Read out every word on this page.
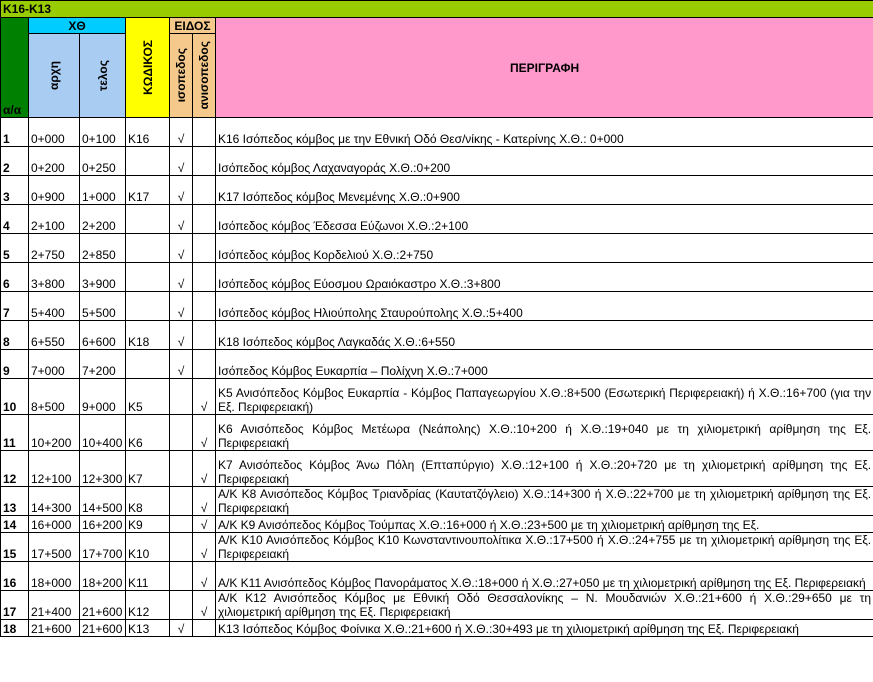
Κ16-Κ13						
α/α	ΧΘ		ΚΩΔΙΚΟΣ	ΕΙΔΟΣ		ΠΕΡΙΓΡΑΦΗ

	αρχη	τελος		ισοπεδος	ανισοπεδος	

1	0+000	0+100	Κ16	√		Κ16 Ισόπεδος κόμβος με την Εθνική Οδό Θεσ/νίκης - Κατερίνης Χ.Θ.: 0+000
2	0+200	0+250		√		Ισόπεδος κόμβος Λαχαναγοράς Χ.Θ.:0+200
3	0+900	1+000	Κ17	√		Κ17 Ισόπεδος κόμβος Μενεμένης Χ.Θ.:0+900
4	2+100	2+200		√		Ισόπεδος κόμβος Έδεσσα Εύζωνοι Χ.Θ.:2+100
5	2+750	2+850		√		Ισόπεδος κόμβος Κορδελιού Χ.Θ.:2+750
6	3+800	3+900		√		Ισόπεδος κόμβος Εύοσμου Ωραιόκαστρο Χ.Θ.:3+800
7	5+400	5+500		√		Ισόπεδος κόμβος Ηλιούπολης Σταυρούπολης Χ.Θ.:5+400
8	6+550	6+600	Κ18	√		Κ18 Ισόπεδος κόμβος Λαγκαδάς Χ.Θ.:6+550
9	7+000	7+200		√		Ισόπεδος Κόμβος Ευκαρπία – Πολίχνη Χ.Θ.:7+000
10	8+500	9+000	Κ5		√	Κ5 Ανισόπεδος Κόμβος Ευκαρπία - Κόμβος Παπαγεωργίου Χ.Θ.:8+500 (Εσωτερική Περιφερειακή) ή Χ.Θ.:16+700 (για την Εξ. Περιφερειακή)
11	10+200	10+400	Κ6		√	Κ6 Ανισόπεδος Κόμβος Μετέωρα (Νεάπολης) Χ.Θ.:10+200 ή Χ.Θ.:19+040 με τη χιλιομετρική αρίθμηση της Εξ. Περιφερειακή
12	12+100	12+300	Κ7		√	Κ7 Ανισόπεδος Κόμβος Άνω Πόλη (Επταπύργιο) Χ.Θ.:12+100 ή Χ.Θ.:20+720 με τη χιλιομετρική αρίθμηση της Εξ. Περιφερειακή
13	14+300	14+500	Κ8		√	Α/Κ Κ8 Ανισόπεδος Κόμβος Τριανδρίας (Καυτατζόγλειο) Χ.Θ.:14+300 ή Χ.Θ.:22+700 με τη χιλιομετρική αρίθμηση της Εξ. Περιφερειακή
14	16+000	16+200	Κ9		√	Α/Κ Κ9 Ανισόπεδος Κόμβος Τούμπας Χ.Θ.:16+000 ή Χ.Θ.:23+500 με τη χιλιομετρική αρίθμηση της Εξ.
15	17+500	17+700	Κ10		√	Α/Κ Κ10 Ανισόπεδος Κόμβος Κ10 Κωνσταντινουπολίτικα Χ.Θ.:17+500 ή Χ.Θ.:24+755 με τη χιλιομετρική αρίθμηση της Εξ. Περιφερειακή
16	18+000	18+200	Κ11		√	Α/Κ Κ11 Ανισόπεδος Κόμβος Πανοράματος Χ.Θ.:18+000 ή Χ.Θ.:27+050 με τη χιλιομετρική αρίθμηση της Εξ. Περιφερειακή
17	21+400	21+600	Κ12		√	Α/Κ Κ12 Ανισόπεδος Κόμβος με Εθνική Οδό Θεσσαλονίκης – Ν. Μουδανιών Χ.Θ.:21+600 ή Χ.Θ.:29+650 με τη χιλιομετρική αρίθμηση της Εξ. Περιφερειακή
18	21+600	21+600	Κ13	√		Κ13 Ισόπεδος Κόμβος Φοίνικα Χ.Θ.:21+600 ή Χ.Θ.:30+493 με τη χιλιομετρική αρίθμηση της Εξ. Περιφερειακή
